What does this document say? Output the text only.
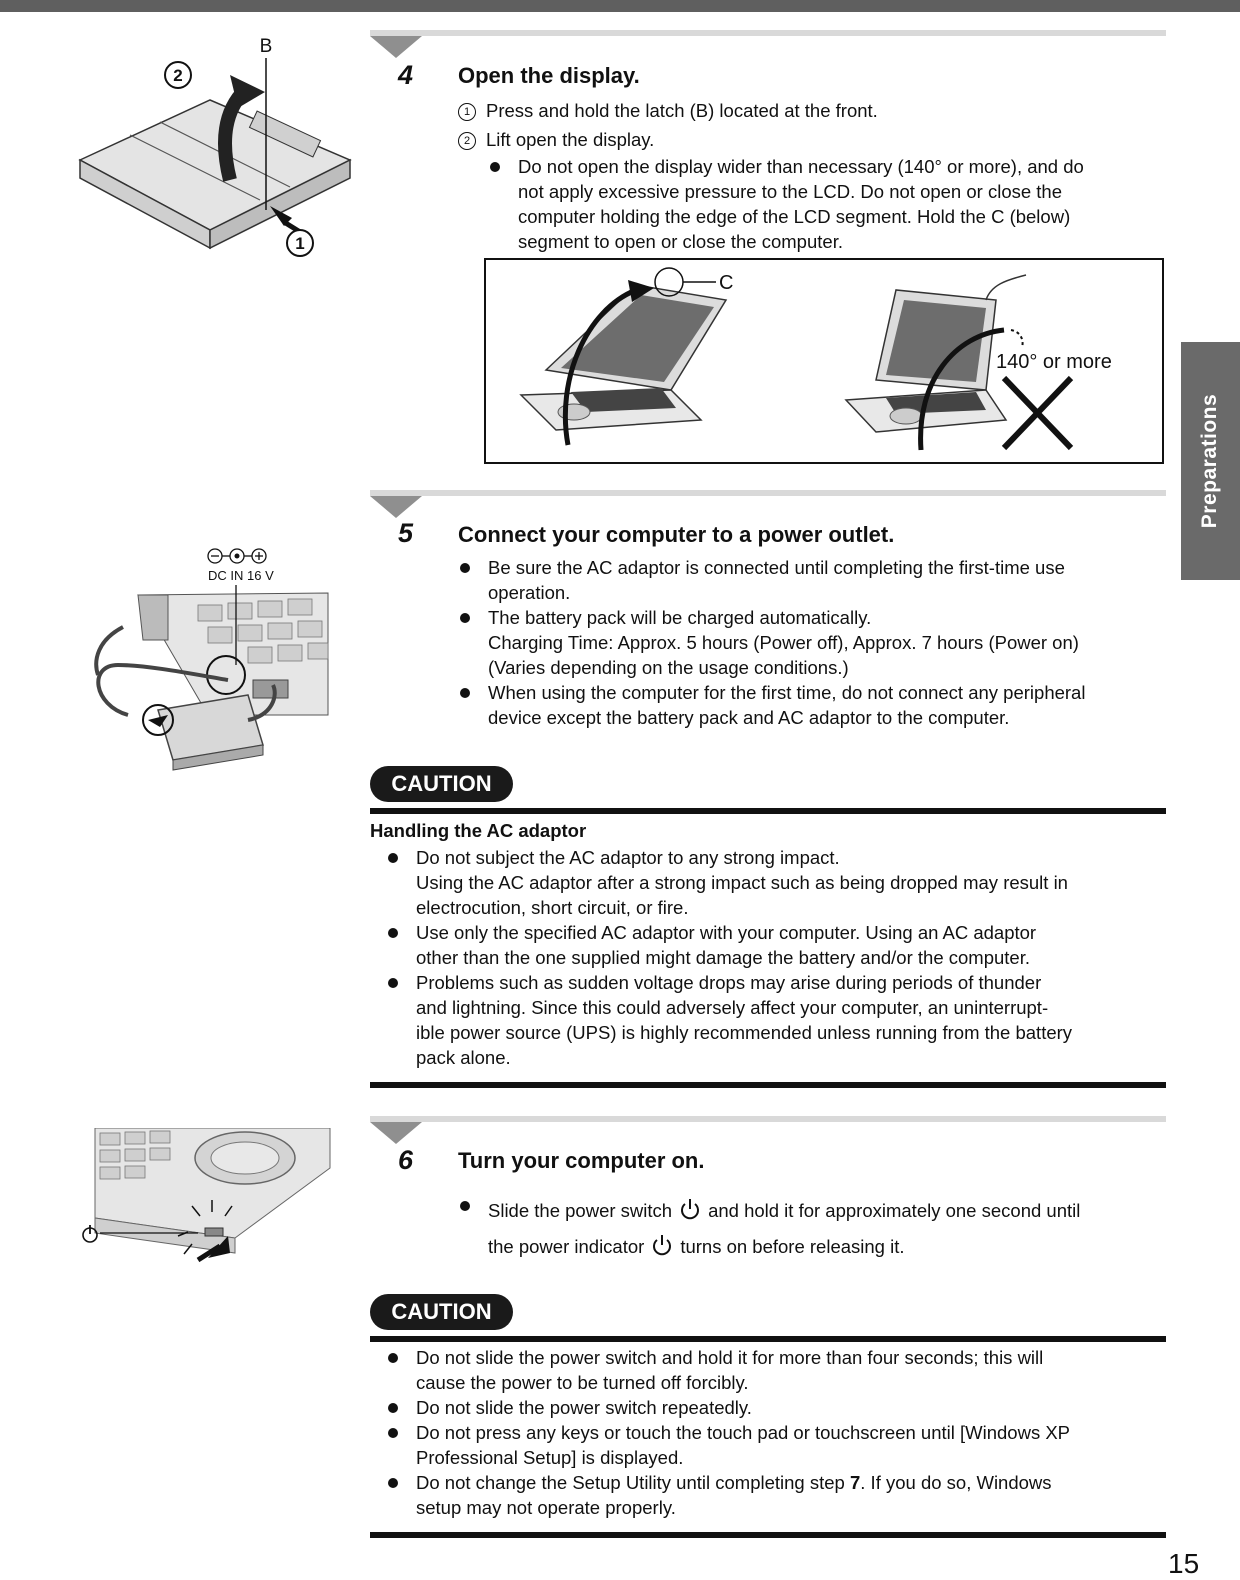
Preparations
2
1
B
4 Open the display.
1 Press and hold the latch (B) located at the front.
2 Lift open the display.
Do not open the display wider than necessary (140° or more), and do
not apply excessive pressure to the LCD. Do not open or close the
computer holding the edge of the LCD segment. Hold the C (below)
segment to open or close the computer.
C
140° or more
DC IN 16 V
5 Connect your computer to a power outlet.
Be sure the AC adaptor is connected until completing the first-time use
operation.
The battery pack will be charged automatically.
Charging Time: Approx. 5 hours (Power off), Approx. 7 hours (Power on)
(Varies depending on the usage conditions.)
When using the computer for the first time, do not connect any peripheral
device except the battery pack and AC adaptor to the computer.
CAUTION
Handling the AC adaptor
Do not subject the AC adaptor to any strong impact.
Using the AC adaptor after a strong impact such as being dropped may result in
electrocution, short circuit, or fire.
Use only the specified AC adaptor with your computer. Using an AC adaptor
other than the one supplied might damage the battery and/or the computer.
Problems such as sudden voltage drops may arise during periods of thunder
and lightning. Since this could adversely affect your computer, an uninterrupt-
ible power source (UPS) is highly recommended unless running from the battery
pack alone.
6 Turn your computer on.
Slide the power switch and hold it for approximately one second until
the power indicator turns on before releasing it.
CAUTION
Do not slide the power switch and hold it for more than four seconds; this will
cause the power to be turned off forcibly.
Do not slide the power switch repeatedly.
Do not press any keys or touch the touch pad or touchscreen until [Windows XP
Professional Setup] is displayed.
Do not change the Setup Utility until completing step 7. If you do so, Windows
setup may not operate properly.
15
